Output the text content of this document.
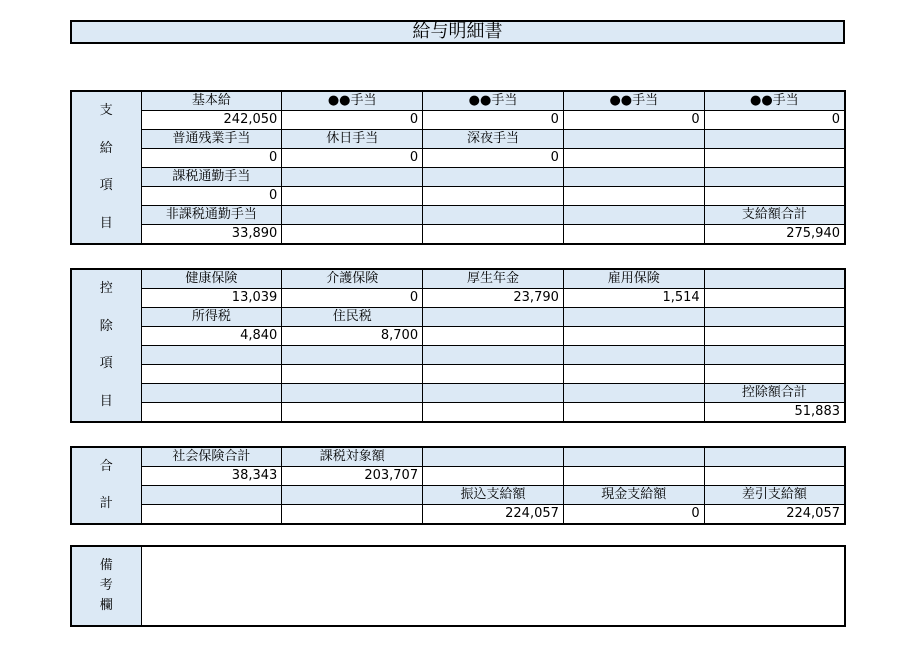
給与明細書
支
給
項
目	基本給	●●手当	●●手当	●●手当	●●手当
	242,050	0	0	0	0
	普通残業手当	休日手当	深夜手当		
	0	0	0		
	課税通勤手当				
	0				
	非課税通勤手当				支給額合計
	33,890				275,940
控
除
項
目	健康保険	介護保険	厚生年金	雇用保険	
	13,039	0	23,790	1,514	
	所得税	住民税			
	4,840	8,700			

					控除額合計
					51,883
合
計	社会保険合計	課税対象額			
	38,343	203,707			
			振込支給額	現金支給額	差引支給額
			224,057	0	224,057
備
考
欄
